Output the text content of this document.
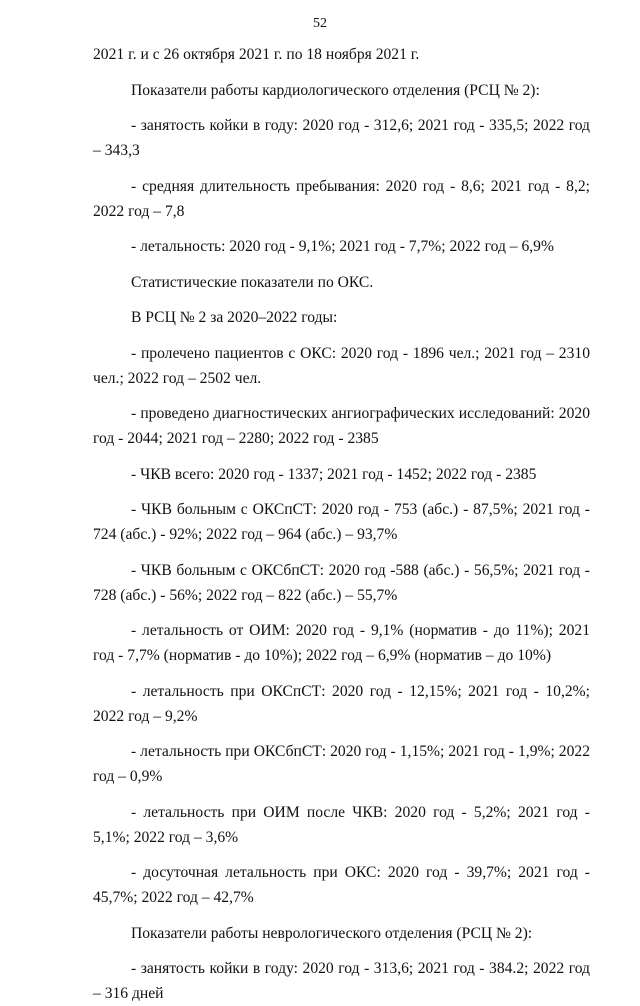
52

2021 г. и с 26 октября 2021 г. по 18 ноября 2021 г.

Показатели работы кардиологического отделения (РСЦ № 2):

- занятость койки в году: 2020 год - 312,6; 2021 год - 335,5; 2022 год – 343,3

- средняя длительность пребывания: 2020 год - 8,6; 2021 год - 8,2; 2022 год – 7,8

- летальность: 2020 год - 9,1%; 2021 год - 7,7%; 2022 год – 6,9%

Статистические показатели по ОКС.

В РСЦ № 2 за 2020–2022 годы:

- пролечено пациентов с ОКС: 2020 год - 1896 чел.; 2021 год – 2310 чел.; 2022 год – 2502 чел.

- проведено диагностических ангиографических исследований: 2020 год - 2044; 2021 год – 2280; 2022 год - 2385

- ЧКВ всего: 2020 год - 1337; 2021 год - 1452; 2022 год - 2385

- ЧКВ больным с ОКСпСТ: 2020 год - 753 (абс.) - 87,5%; 2021 год - 724 (абс.) - 92%; 2022 год – 964 (абс.) – 93,7%

- ЧКВ больным с ОКСбпСТ: 2020 год -588 (абс.) - 56,5%; 2021 год - 728 (абс.) - 56%; 2022 год – 822 (абс.) – 55,7%

- летальность от ОИМ: 2020 год - 9,1% (норматив - до 11%); 2021 год - 7,7% (норматив - до 10%); 2022 год – 6,9% (норматив – до 10%)

- летальность при ОКСпСТ: 2020 год - 12,15%; 2021 год - 10,2%; 2022 год – 9,2%

- летальность при ОКСбпСТ: 2020 год - 1,15%; 2021 год - 1,9%; 2022 год – 0,9%

- летальность при ОИМ после ЧКВ: 2020 год - 5,2%; 2021 год - 5,1%; 2022 год – 3,6%

- досуточная летальность при ОКС: 2020 год - 39,7%; 2021 год - 45,7%; 2022 год – 42,7%

Показатели работы неврологического отделения (РСЦ № 2):

- занятость койки в году: 2020 год - 313,6; 2021 год - 384.2; 2022 год – 316 дней
